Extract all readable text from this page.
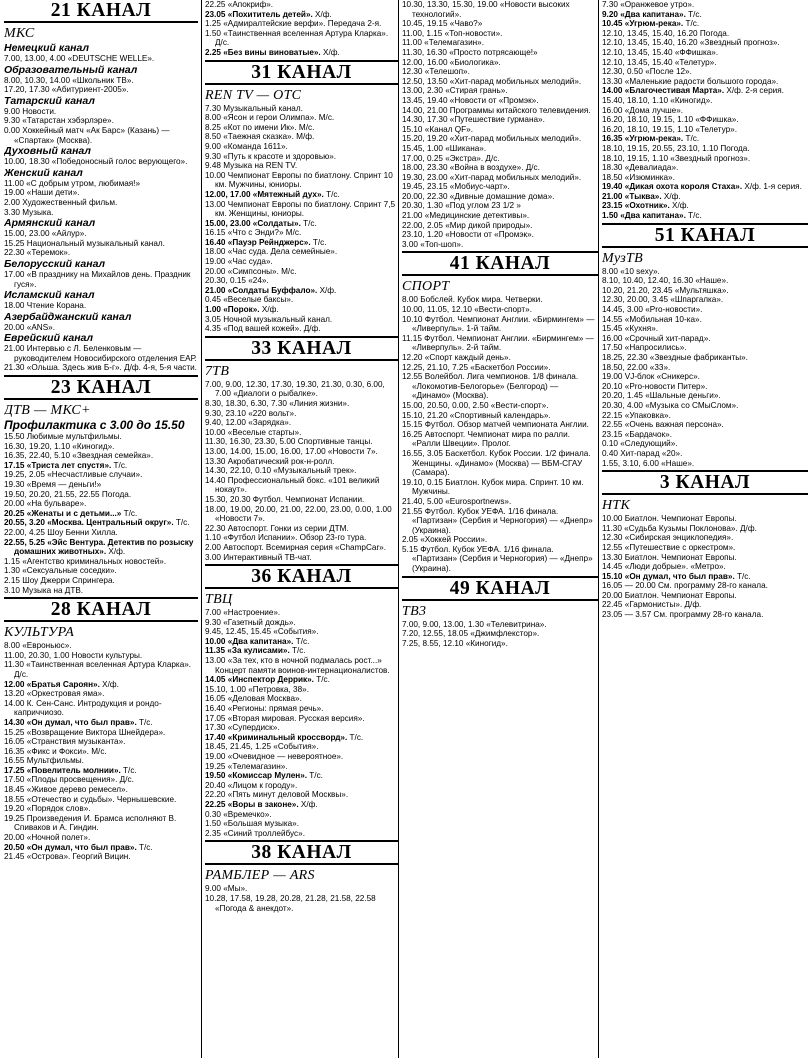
21 КАНАЛ
МКС
Немецкий канал
7.00, 13.00, 4.00 «DEUTSCHE WELLE».
Образовательный канал
8.00, 10.30, 14.00 «Школьник ТВ».
17.20, 17.30 «Абитуриент-2005».
Татарский канал
9.00 Новости.
9.30 «Татарстан хэбэрлэре».
0.00 Хоккейный матч «Ак Барс» (Казань) — «Спартак» (Москва).
Духовный канал
10.00, 18.30 «Победоносный голос верующего».
Женский канал
11.00 «С добрым утром, любимая!»
19.00 «Наши дети».
2.00 Художественный фильм.
3.30 Музыка.
Армянский канал
15.00, 23.00 «Айлур».
15.25 Национальный музыкальный канал.
22.30 «Теремок».
Белорусский канал
17.00 «В празднику на Михайлов день. Праздник гуся».
Исламский канал
18.00 Чтение Корана.
Азербайджанский канал
20.00 «ANS».
Еврейский канал
21.00 Интервью с Л. Беленковым — руководителем Новосибирского отделения ЕАР.
21.30 «Ольша. Здесь жив Б-г». Д/ф. 4-я, 5-я части.
23 КАНАЛ
ДТВ — МКС+
Профилактика с 3.00 до 15.50
15.50 Любимые мультфильмы.
16.30, 19.20, 1.10 «Киногид».
16.35, 22.40, 5.10 «Звездная семейка».
17.15 «Триста лет спустя». Т/с.
19.25, 2.05 «Несчастливые случаи».
19.30 «Время — деньги!»
19.50, 20.20, 21.55, 22.55 Погода.
20.00 «На бульваре».
20.25 «Женаты и с детьми...» Т/с.
20.55, 3.20 «Москва. Центральный округ». Т/с.
22.00, 4.25 Шоу Бенни Хилла.
22.55, 5.25 «Эйс Вентура. Детектив по розыску домашних животных». Х/ф.
1.15 «Агентство криминальных новостей».
1.30 «Сексуальные соседки».
2.15 Шоу Джерри Спрингера.
3.10 Музыка на ДТВ.
28 КАНАЛ
КУЛЬТУРА
8.00 «Евроньюс».
11.00, 20.30, 1.00 Новости культуры.
11.30 «Таинственная вселенная Артура Кларка». Д/с.
12.00 «Братья Сароян». Х/ф.
13.20 «Оркестровая яма».
14.00 К. Сен-Санс. Интродукция и рондо-каприччиозо.
14.30 «Он думал, что был прав». Т/с.
15.25 «Возвращение Виктора Шнейдера».
16.05 «Странствия музыканта».
16.35 «Фикс и Фокси». М/с.
16.55 Мультфильмы.
17.25 «Повелитель молнии». Т/с.
17.50 «Плоды просвещения». Д/с.
18.45 «Живое дерево ремесел».
18.55 «Отечество и судьбы». Чернышевские.
19.20 «Порядок слов».
19.25 Произведения И. Брамса исполняют В. Спиваков и А. Гиндин.
20.00 «Ночной полет».
20.50 «Он думал, что был прав». Т/с.
21.45 «Острова». Георгий Вицин.
22.25 «Апокриф».
23.05 «Похититель детей». Х/ф.
1.25 «Адмиралтейские верфи». Передача 2-я.
1.50 «Таинственная вселенная Артура Кларка». Д/с.
2.25 «Без вины виноватые». Х/ф.
31 КАНАЛ
REN TV — ОТС
7.30 Музыкальный канал.
8.00 «Ясон и герои Олимпа». М/с.
8.25 «Кот по имени Ик». М/с.
8.50 «Таежная сказка». М/ф.
9.00 «Команда 1611».
9.30 «Путь к красоте и здоровью».
9.48 Музыка на REN TV.
10.00 Чемпионат Европы по биатлону. Спринт 10 км. Мужчины, юниоры.
12.00, 17.00 «Мятежный дух». Т/с.
13.00 Чемпионат Европы по биатлону. Спринт 7,5 км. Женщины, юниоры.
15.00, 23.00 «Солдаты». Т/с.
16.15 «Что с Энди?» М/с.
16.40 «Пауэр Рейнджерс». Т/с.
18.00 «Час суда. Дела семейные».
19.00 «Час суда».
20.00 «Симпсоны». М/с.
20.30, 0.15 «24».
21.00 «Солдаты Буффало». Х/ф.
0.45 «Веселые баксы».
1.00 «Порок». Х/ф.
3.05 Ночной музыкальный канал.
4.35 «Под вашей кожей». Д/ф.
33 КАНАЛ
7ТВ
7.00, 9.00, 12.30, 17.30, 19.30, 21.30, 0.30, 6.00, 7.00 «Диалоги о рыбалке».
8.30, 18.30, 6.30, 7.30 «Линия жизни».
9.30, 23.10 «220 вольт».
9.40, 12.00 «Зарядка».
10.00 «Веселые старты».
11.30, 16.30, 23.30, 5.00 Спортивные танцы.
13.00, 14.00, 15.00, 16.00, 17.00 «Новости 7».
13.30 Акробатический рок-н-ролл.
14.30, 22.10, 0.10 «Музыкальный трек».
14.40 Профессиональный бокс. «101 великий нокаут».
15.30, 20.30 Футбол. Чемпионат Испании.
18.00, 19.00, 20.00, 21.00, 22.00, 23.00, 0.00, 1.00 «Новости 7».
22.30 Автоспорт. Гонки из серии ДТМ.
1.10 «Футбол Испании». Обзор 23-го тура.
2.00 Автоспорт. Всемирная серия «ChampCar».
3.00 Интерактивный ТВ-чат.
36 КАНАЛ
ТВЦ
7.00 «Настроение».
9.30 «Газетный дождь».
9.45, 12.45, 15.45 «События».
10.00 «Два капитана». Т/с.
11.35 «За кулисами». Т/с.
13.00 «За тех, кто в ночной подмалась рост...» Концерт памяти воинов-интернационалистов.
14.05 «Инспектор Деррик». Т/с.
15.10, 1.00 «Петровка, 38».
16.05 «Деловая Москва».
16.40 «Регионы: прямая речь».
17.05 «Вторая мировая. Русская версия».
17.30 «Супердиск».
17.40 «Криминальный кроссворд». Т/с.
18.45, 21.45, 1.25 «События».
19.00 «Очевидное — невероятное».
19.25 «Телемагазин».
19.50 «Комиссар Мулен». Т/с.
20.40 «Лицом к городу».
22.20 «Пять минут деловой Москвы».
22.25 «Воры в законе». Х/ф.
0.30 «Времечко».
1.50 «Большая музыка».
2.35 «Синий троллейбус».
38 КАНАЛ
РАМБЛЕР — ARS
9.00 «Мы».
10.28, 17.58, 19.28, 20.28, 21.28, 21.58, 22.58 «Погода & анекдот».
10.30, 13.30, 15.30, 19.00 «Новости высоких технологий».
10.45, 19.15 «Чаво?»
11.00, 1.15 «Топ-новости».
11.00 «Телемагазин».
11.30, 16.30 «Просто потрясающе!»
12.00, 16.00 «Биологика».
12.30 «Телешоп».
12.50, 13.50 «Хит-парад мобильных мелодий».
13.00, 2.30 «Стирая грань».
13.45, 19.40 «Новости от «Промэк».
14.00, 21.00 Программы китайского телевидения.
14.30, 17.30 «Путешествие гурмана».
15.10 «Канал QF».
15.20, 19.20 «Хит-парад мобильных мелодий».
15.45, 1.00 «Шикана».
17.00, 0.25 «Экстра». Д/с.
18.00, 23.30 «Война в воздухе». Д/с.
19.30, 23.00 «Хит-парад мобильных мелодий».
19.45, 23.15 «Мобиус-чарт».
20.00, 22.30 «Дивные домашние дома».
20.30, 1.30 «Под углом 23 1/2 »
21.00 «Медицинские детективы».
22.00, 2.05 «Мир дикой природы».
23.10, 1.20 «Новости от «Промэк».
3.00 «Топ-шоп».
41 КАНАЛ
СПОРТ
8.00 Бобслей. Кубок мира. Четверки.
10.00, 11.05, 12.10 «Вести-спорт».
10.10 Футбол. Чемпионат Англии. «Бирмингем» — «Ливерпуль». 1-й тайм.
11.15 Футбол. Чемпионат Англии. «Бирмингем» — «Ливерпуль». 2-й тайм.
12.20 «Спорт каждый день».
12.25, 21.10, 7.25 «Баскетбол России».
12.55 Волейбол. Лига чемпионов. 1/8 финала. «Локомотив-Белогорье» (Белгород) — «Динамо» (Москва).
15.00, 20.50, 0.00, 2.50 «Вести-спорт».
15.10, 21.20 «Спортивный календарь».
15.15 Футбол. Обзор матчей чемпионата Англии.
16.25 Автоспорт. Чемпионат мира по ралли. «Ралли Швеции». Пролог.
16.55, 3.05 Баскетбол. Кубок России. 1/2 финала. Женщины. «Динамо» (Москва) — ВБМ-СГАУ (Самара).
19.10, 0.15 Биатлон. Кубок мира. Спринт. 10 км. Мужчины.
21.40, 5.00 «Eurosportnews».
21.55 Футбол. Кубок УЕФА. 1/16 финала. «Партизан» (Сербия и Черногория) — «Днепр» (Украина).
2.05 «Хоккей России».
5.15 Футбол. Кубок УЕФА. 1/16 финала. «Партизан» (Сербия и Черногория) — «Днепр» (Украина).
49 КАНАЛ
ТВ3
7.00, 9.00, 13.00, 1.30 «Телевитрина».
7.20, 12.55, 18.05 «Джимфлекстор».
7.25, 8.55, 12.10 «Киногид».
7.30 «Оранжевое утро».
9.20 «Два капитана». Т/с.
10.45 «Угрюм-река». Т/с.
12.10, 13.45, 15.40, 16.20 Погода.
12.10, 13.45, 15.40, 16.20 «Звездный прогноз».
12.10, 13.45, 15.40 «ФФишка».
12.10, 13.45, 15.40 «Телетур».
12.30, 0.50 «После 12».
13.30 «Маленькие радости большого города».
14.00 «Благочестивая Марта». Х/ф. 2-я серия.
15.40, 18.10, 1.10 «Киногид».
16.00 «Дома лучше».
16.20, 18.10, 19.15, 1.10 «ФФишка».
16.20, 18.10, 19.15, 1.10 «Телетур».
16.35 «Угрюм-река». Т/с.
18.10, 19.15, 20.55, 23.10, 1.10 Погода.
18.10, 19.15, 1.10 «Звездный прогноз».
18.30 «Девалиада».
18.50 «Изюминка».
19.40 «Дикая охота короля Стаха». Х/ф. 1-я серия.
21.00 «Тыква». Х/ф.
23.15 «Охотник». Х/ф.
1.50 «Два капитана». Т/с.
51 КАНАЛ
МузТВ
8.00 «10 sexy».
8.10, 10.40, 12.40, 16.30 «Наше».
10.20, 21.20, 23.45 «Мультяшка».
12.30, 20.00, 3.45 «Шпаргалка».
14.45, 3.00 «Pro-новости».
14.55 «Мобильная 10-ка».
15.45 «Кухня».
16.00 «Срочный хит-парад».
17.50 «Напросились».
18.25, 22.30 «Звездные фабриканты».
18.50, 22.00 «33».
19.00 VJ-блок «Сникерс».
20.10 «Pro-новости Питер».
20.20, 1.45 «Шальные деньги».
20.30, 4.00 «Музыка со СМыСлом».
22.15 «Упаковка».
22.55 «Очень важная персона».
23.15 «Бардачок».
0.10 «Следующий».
0.40 Хит-парад «20».
1.55, 3.10, 6.00 «Наше».
3 КАНАЛ
НТК
10.00 Биатлон. Чемпионат Европы.
11.30 «Судьба Кузьмы Поклонова». Д/ф.
12.30 «Сибирская энциклопедия».
12.55 «Путешествие с оркестром».
13.30 Биатлон. Чемпионат Европы.
14.45 «Люди добрые». «Метро».
15.10 «Он думал, что был прав». Т/с.
16.05 — 20.00 См. программу 28-го канала.
20.00 Биатлон. Чемпионат Европы.
22.45 «Гармонисты». Д/ф.
23.05 — 3.57 См. программу 28-го канала.
